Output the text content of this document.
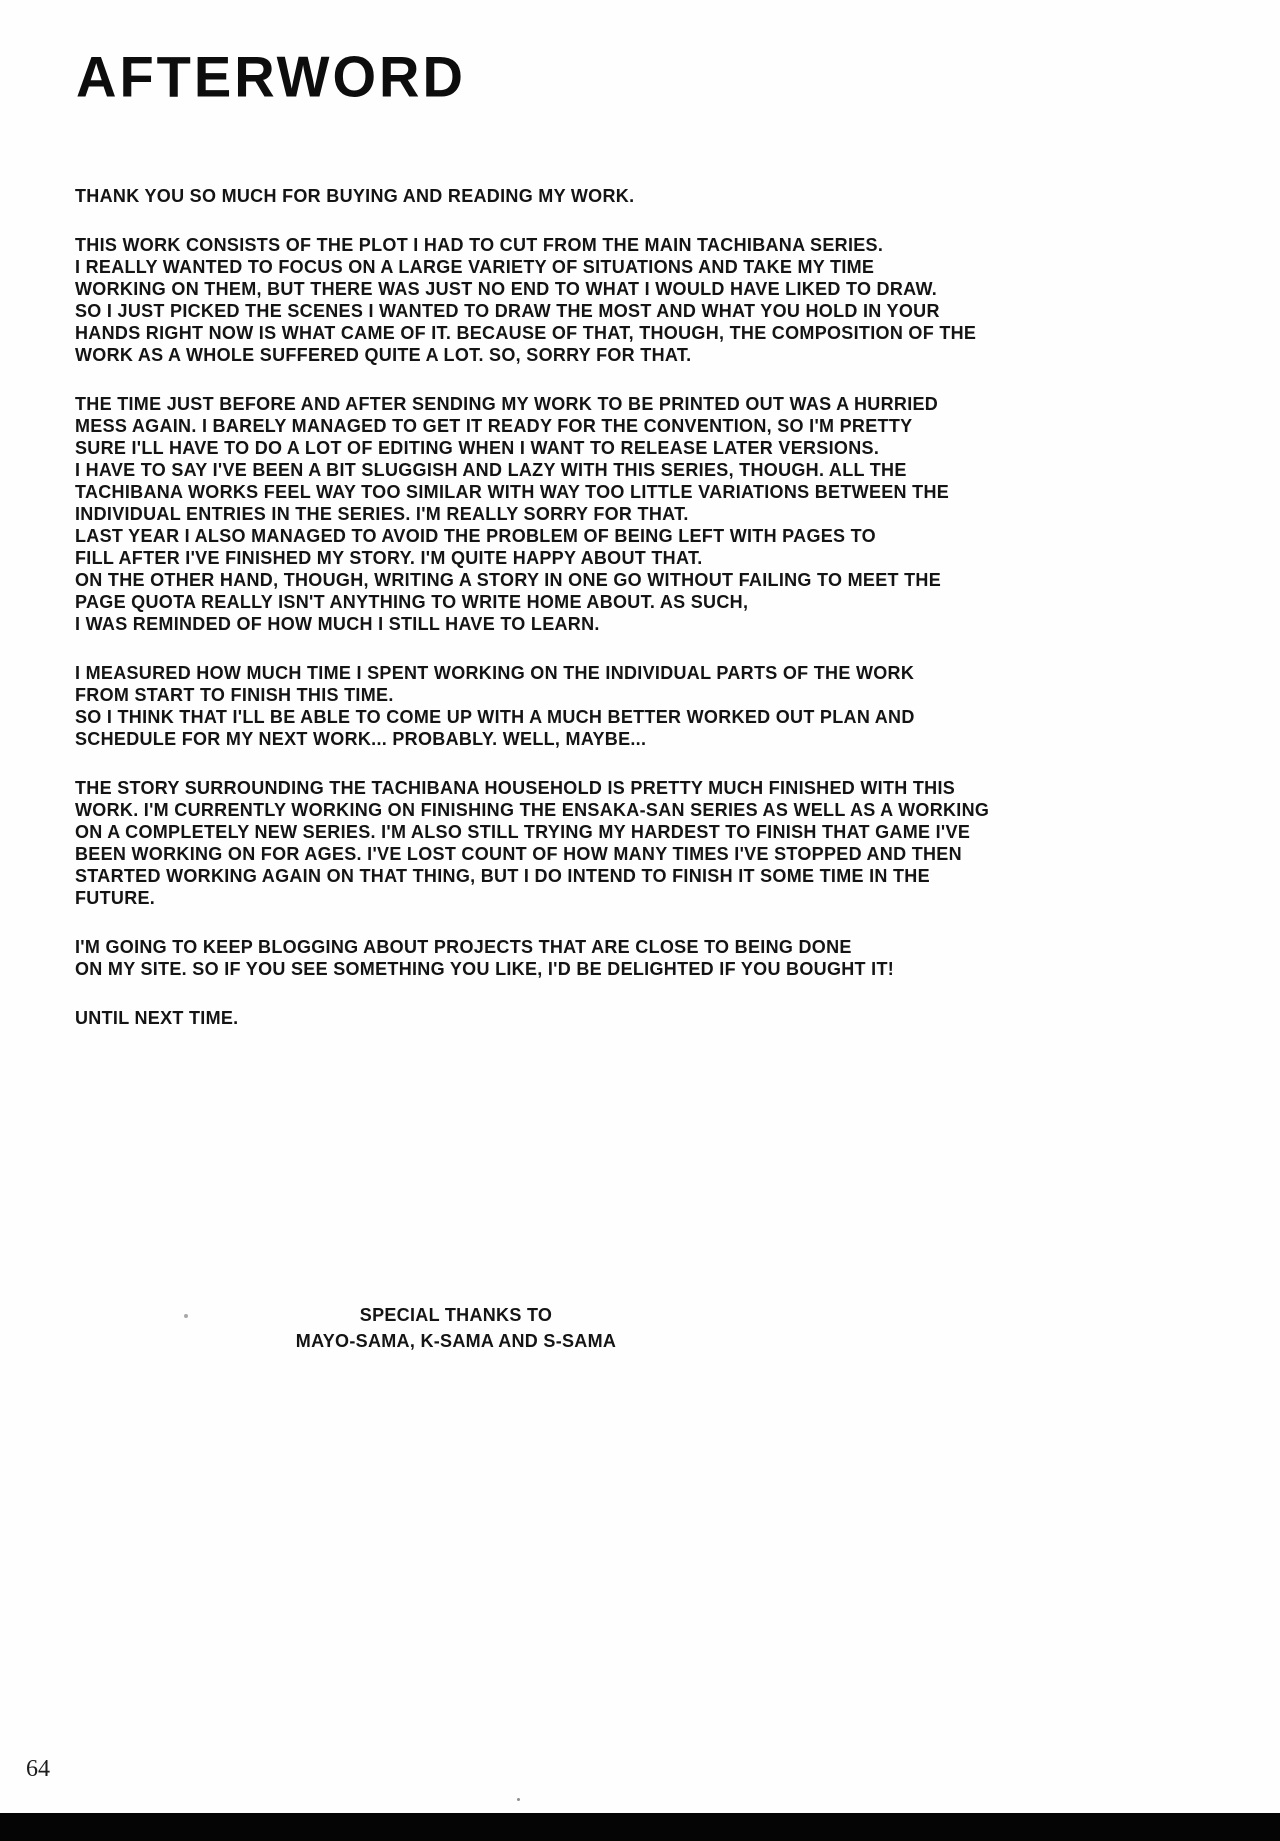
AFTERWORD
THANK YOU SO MUCH FOR BUYING AND READING MY WORK.
THIS WORK CONSISTS OF THE PLOT I HAD TO CUT FROM THE MAIN TACHIBANA SERIES.
I REALLY WANTED TO FOCUS ON A LARGE VARIETY OF SITUATIONS AND TAKE MY TIME
WORKING ON THEM, BUT THERE WAS JUST NO END TO WHAT I WOULD HAVE LIKED TO DRAW.
SO I JUST PICKED THE SCENES I WANTED TO DRAW THE MOST AND WHAT YOU HOLD IN YOUR
HANDS RIGHT NOW IS WHAT CAME OF IT. BECAUSE OF THAT, THOUGH, THE COMPOSITION OF THE
WORK AS A WHOLE SUFFERED QUITE A LOT. SO, SORRY FOR THAT.
THE TIME JUST BEFORE AND AFTER SENDING MY WORK TO BE PRINTED OUT WAS A HURRIED
MESS AGAIN. I BARELY MANAGED TO GET IT READY FOR THE CONVENTION, SO I'M PRETTY
SURE I'LL HAVE TO DO A LOT OF EDITING WHEN I WANT TO RELEASE LATER VERSIONS.
I HAVE TO SAY I'VE BEEN A BIT SLUGGISH AND LAZY WITH THIS SERIES, THOUGH. ALL THE
TACHIBANA WORKS FEEL WAY TOO SIMILAR WITH WAY TOO LITTLE VARIATIONS BETWEEN THE
INDIVIDUAL ENTRIES IN THE SERIES. I'M REALLY SORRY FOR THAT.
LAST YEAR I ALSO MANAGED TO AVOID THE PROBLEM OF BEING LEFT WITH PAGES TO
FILL AFTER I'VE FINISHED MY STORY. I'M QUITE HAPPY ABOUT THAT.
ON THE OTHER HAND, THOUGH, WRITING A STORY IN ONE GO WITHOUT FAILING TO MEET THE
PAGE QUOTA REALLY ISN'T ANYTHING TO WRITE HOME ABOUT. AS SUCH,
I WAS REMINDED OF HOW MUCH I STILL HAVE TO LEARN.
I MEASURED HOW MUCH TIME I SPENT WORKING ON THE INDIVIDUAL PARTS OF THE WORK
FROM START TO FINISH THIS TIME.
SO I THINK THAT I'LL BE ABLE TO COME UP WITH A MUCH BETTER WORKED OUT PLAN AND
SCHEDULE FOR MY NEXT WORK... PROBABLY. WELL, MAYBE...
THE STORY SURROUNDING THE TACHIBANA HOUSEHOLD IS PRETTY MUCH FINISHED WITH THIS
WORK. I'M CURRENTLY WORKING ON FINISHING THE ENSAKA-SAN SERIES AS WELL AS A WORKING
ON A COMPLETELY NEW SERIES. I'M ALSO STILL TRYING MY HARDEST TO FINISH THAT GAME I'VE
BEEN WORKING ON FOR AGES. I'VE LOST COUNT OF HOW MANY TIMES I'VE STOPPED AND THEN
STARTED WORKING AGAIN ON THAT THING, BUT I DO INTEND TO FINISH IT SOME TIME IN THE
FUTURE.
I'M GOING TO KEEP BLOGGING ABOUT PROJECTS THAT ARE CLOSE TO BEING DONE
ON MY SITE. SO IF YOU SEE SOMETHING YOU LIKE, I'D BE DELIGHTED IF YOU BOUGHT IT!
UNTIL NEXT TIME.
SPECIAL THANKS TO
MAYO-SAMA, K-SAMA AND S-SAMA
64
